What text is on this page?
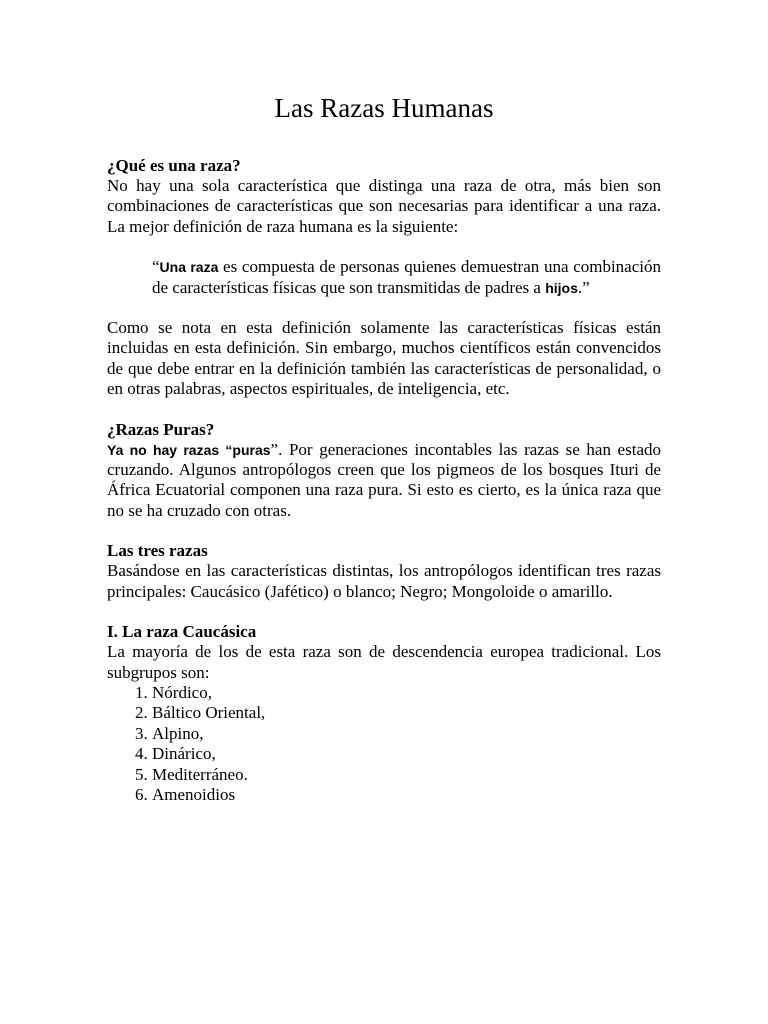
Las Razas Humanas
¿Qué es una raza?

No hay una sola característica que distinga una raza de otra, más bien son combinaciones de características que son necesarias para identificar a una raza. La mejor definición de raza humana es la siguiente:

“Una raza es compuesta de personas quienes demuestran una combinación de características físicas que son transmitidas de padres a hijos.”

Como se nota en esta definición solamente las características físicas están incluidas en esta definición. Sin embargo, muchos científicos están convencidos de que debe entrar en la definición también las características de personalidad, o en otras palabras, aspectos espirituales, de inteligencia, etc.

¿Razas Puras?

Ya no hay razas “puras”. Por generaciones incontables las razas se han estado cruzando. Algunos antropólogos creen que los pigmeos de los bosques Ituri de África Ecuatorial componen una raza pura. Si esto es cierto, es la única raza que no se ha cruzado con otras.

Las tres razas

Basándose en las características distintas, los antropólogos identifican tres razas principales: Caucásico (Jafético) o blanco; Negro; Mongoloide o amarillo.

I. La raza Caucásica

La mayoría de los de esta raza son de descendencia europea tradicional. Los subgrupos son:

1. Nórdico,
2. Báltico Oriental,
3. Alpino,
4. Dinárico,
5. Mediterráneo.
6. Amenoidios
